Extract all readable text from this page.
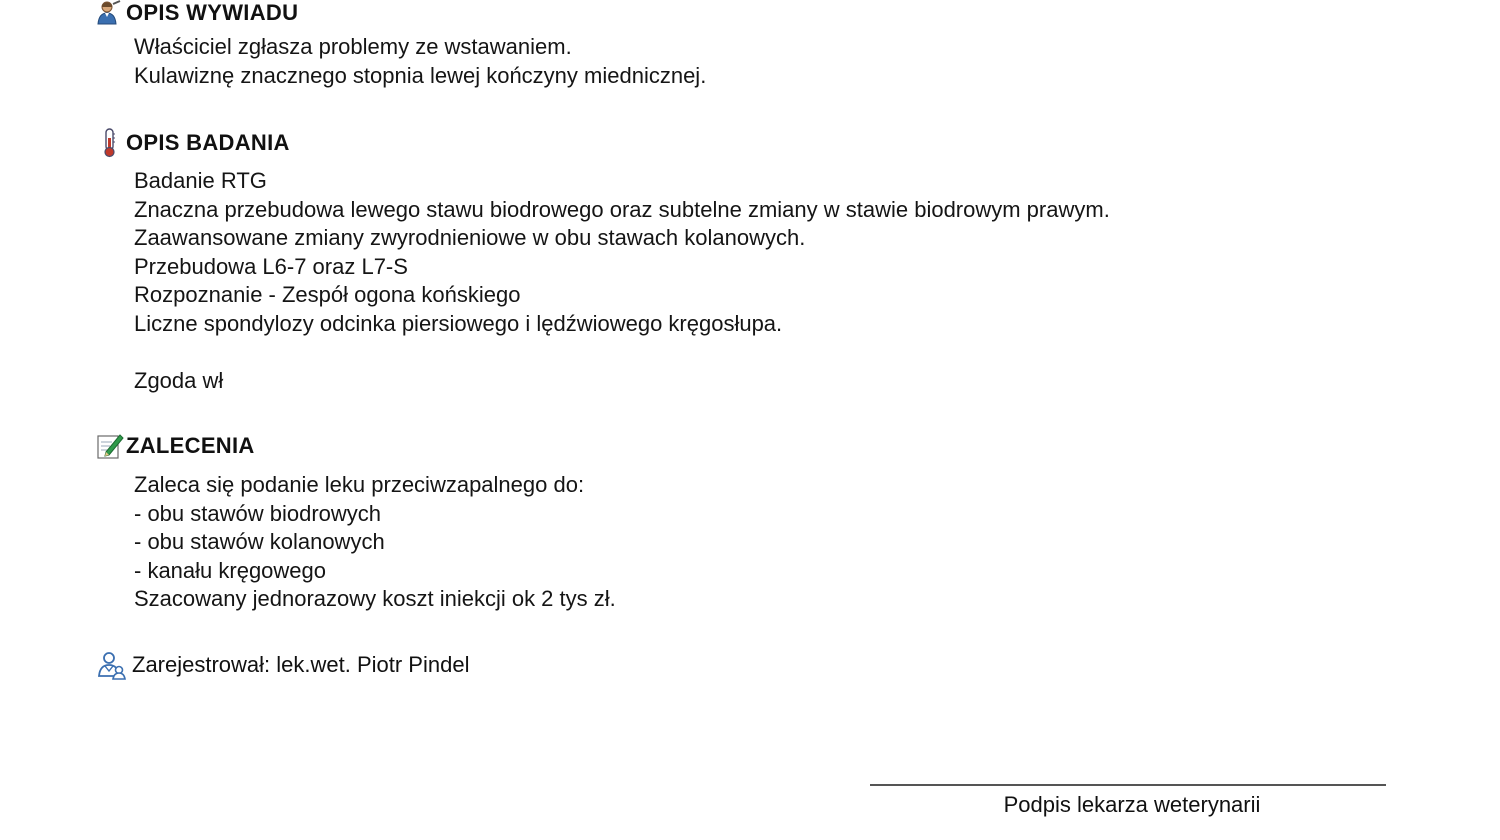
OPIS WYWIADU
Właściciel zgłasza problemy ze wstawaniem.
Kulawiznę znacznego stopnia lewej kończyny miednicznej.
OPIS BADANIA
Badanie RTG
Znaczna przebudowa lewego stawu biodrowego oraz subtelne zmiany w stawie biodrowym prawym.
Zaawansowane zmiany zwyrodnieniowe w obu stawach kolanowych.
Przebudowa L6-7 oraz L7-S
Rozpoznanie - Zespół ogona końskiego
Liczne spondylozy odcinka piersiowego i lędźwiowego kręgosłupa.
Zgoda wł
ZALECENIA
Zaleca się podanie leku przeciwzapalnego do:
- obu stawów biodrowych
- obu stawów kolanowych
- kanału kręgowego
Szacowany jednorazowy koszt iniekcji ok 2 tys zł.
Zarejestrował: lek.wet. Piotr Pindel
Podpis lekarza weterynarii
